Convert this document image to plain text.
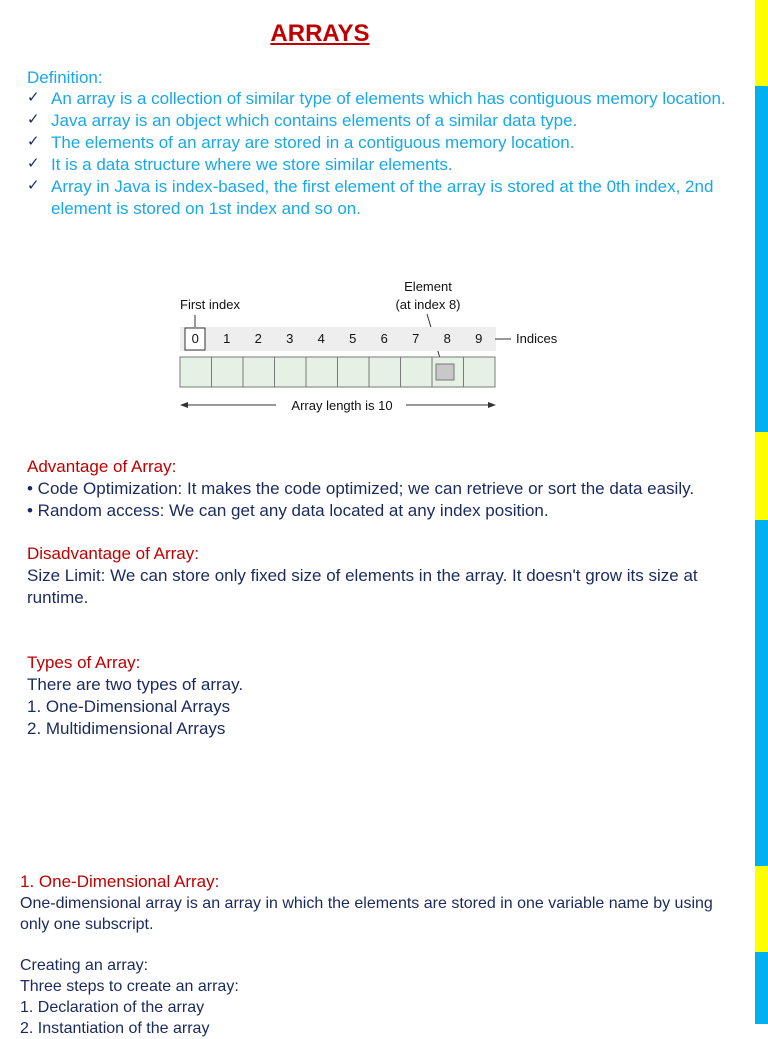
ARRAYS
Definition:
✓ An array is a collection of similar type of elements which has contiguous memory location.
✓ Java array is an object which contains elements of a similar data type.
✓ The elements of an array are stored in a contiguous memory location.
✓ It is a data structure where we store similar elements.
✓ Array in Java is index-based, the first element of the array is stored at the 0th index, 2nd element is stored on 1st index and so on.
First index
Element
(at index 8)
0 1 2 3 4 5 6 7 8 9	Indices
Array length is 10
Advantage of Array:
• Code Optimization: It makes the code optimized; we can retrieve or sort the data easily.
• Random access: We can get any data located at any index position.
Disadvantage of Array:
Size Limit: We can store only fixed size of elements in the array. It doesn't grow its size at runtime.
Types of Array:
There are two types of array.
1. One-Dimensional Arrays
2. Multidimensional Arrays
1. One-Dimensional Array:
One-dimensional array is an array in which the elements are stored in one variable name by using only one subscript.
Creating an array:
Three steps to create an array:
1. Declaration of the array
2. Instantiation of the array
